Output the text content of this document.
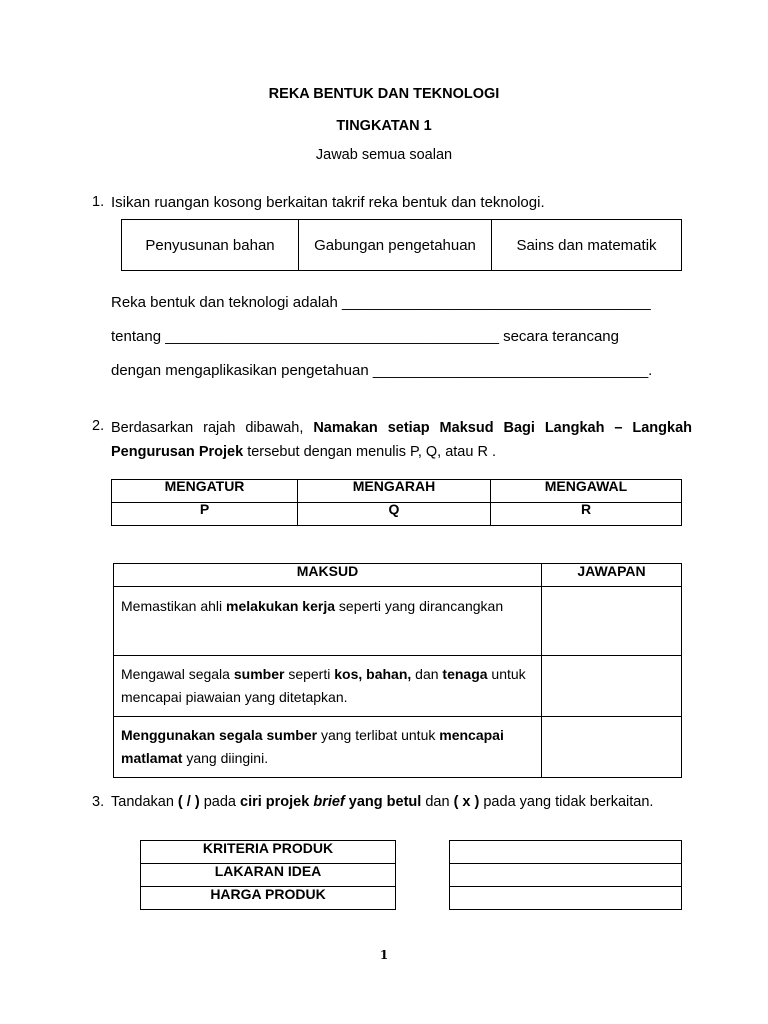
REKA BENTUK DAN TEKNOLOGI
TINGKATAN 1
Jawab semua soalan
1. Isikan ruangan kosong berkaitan takrif reka bentuk dan teknologi.
Penyusunan bahan	Gabungan pengetahuan	Sains dan matematik
Reka bentuk dan teknologi adalah _____________________________________
tentang ________________________________________ secara terancang
dengan mengaplikasikan pengetahuan _________________________________.
2. Berdasarkan rajah dibawah, Namakan setiap Maksud Bagi Langkah – Langkah
Pengurusan Projek tersebut dengan menulis P, Q, atau R .
MENGATUR	MENGARAH	MENGAWAL
P	Q	R
MAKSUD	JAWAPAN
Memastikan ahli melakukan kerja seperti yang dirancangkan	
Mengawal segala sumber seperti kos, bahan, dan tenaga untuk
mencapai piawaian yang ditetapkan.	
Menggunakan segala sumber yang terlibat untuk mencapai
matlamat yang diingini.	
3. Tandakan ( / ) pada ciri projek brief yang betul dan ( x ) pada yang tidak berkaitan.
KRITERIA PRODUK
LAKARAN IDEA
HARGA PRODUK

1
